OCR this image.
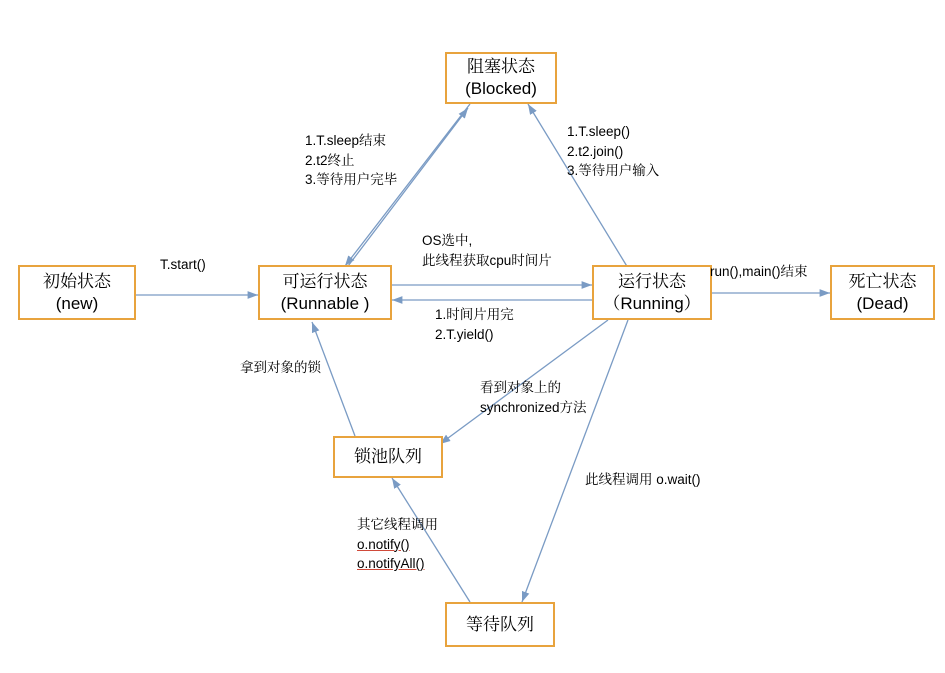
阻塞状态
(Blocked)
初始状态
(new)
可运行状态
(Runnable )
运行状态
（Running）
死亡状态
(Dead)
锁池队列
等待队列
T.start()
1.T.sleep结束
2.t2终止
3.等待用户完毕
1.T.sleep()
2.t2.join()
3.等待用户输入
OS选中,
此线程获取cpu时间片
1.时间片用完
2.T.yield()
run(),main()结束
拿到对象的锁
看到对象上的
synchronized方法
此线程调用 o.wait()
其它线程调用
o.notify()
o.notifyAll()
